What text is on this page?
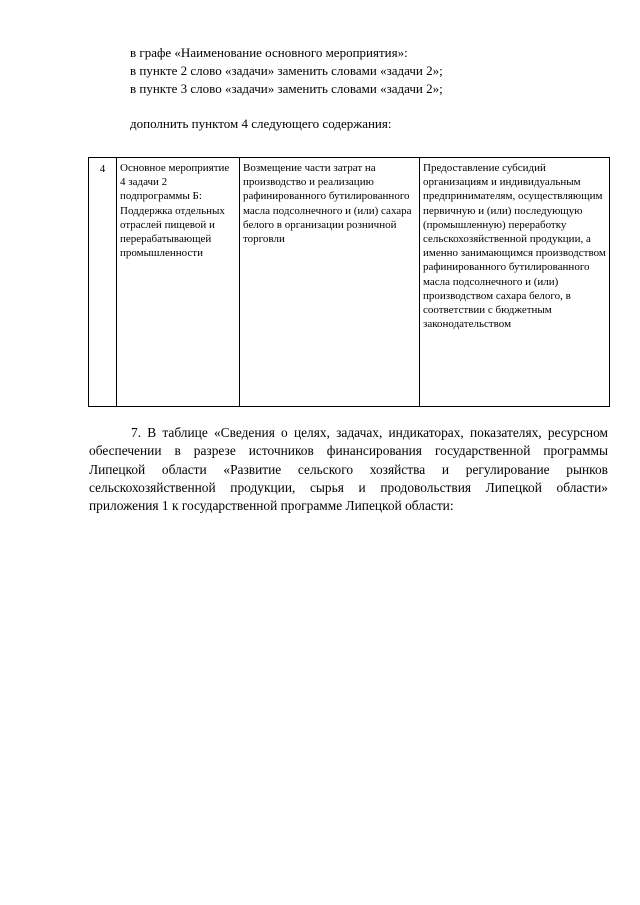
в графе «Наименование основного мероприятия»:
в пункте 2 слово «задачи» заменить словами «задачи 2»;
в пункте 3 слово «задачи» заменить словами «задачи 2»;
дополнить пунктом 4 следующего содержания:
4	Основное мероприятие 4 задачи 2 подпрограммы Б: Поддержка отдельных отраслей пищевой и перерабатывающей промышленности	Возмещение части затрат на производство и реализацию рафинированного бутилированного масла подсолнечного и (или) сахара белого в организации розничной торговли	Предоставление субсидий организациям и индивидуальным предпринимателям, осуществляющим первичную и (или) последующую (промышленную) переработку сельскохозяйственной продукции, а именно занимающимся производством рафинированного бутилированного масла подсолнечного и (или) производством сахара белого, в соответствии с бюджетным законодательством

7. В таблице «Сведения о целях, задачах, индикаторах, показателях, ресурсном обеспечении в разрезе источников финансирования государственной программы Липецкой области «Развитие сельского хозяйства и регулирование рынков сельскохозяйственной продукции, сырья и продовольствия Липецкой области» приложения 1 к государственной программе Липецкой области:
